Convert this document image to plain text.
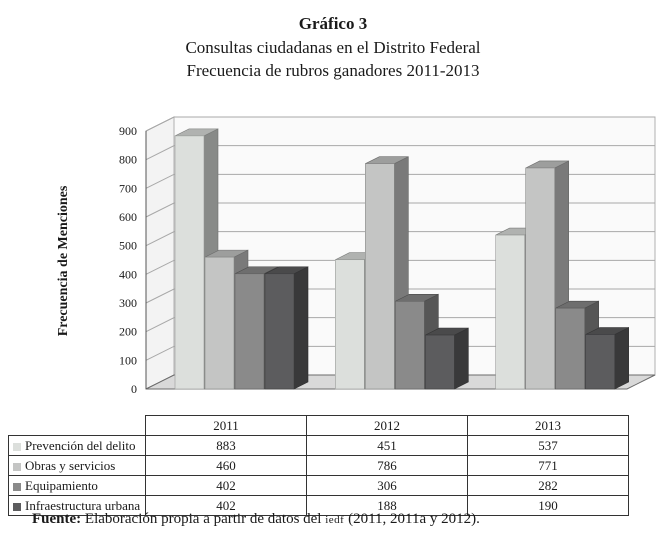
Gráfico 3
Consultas ciudadanas en el Distrito Federal
Frecuencia de rubros ganadores 2011-2013
0
100
200
300
400
500
600
700
800
900
Frecuencia de Menciones
	2011	2012	2013
Prevención del delito	883	451	537
Obras y servicios	460	786	771
Equipamiento	402	306	282
Infraestructura urbana	402	188	190
Fuente: Elaboración propia a partir de datos del iedf (2011, 2011a y 2012).
